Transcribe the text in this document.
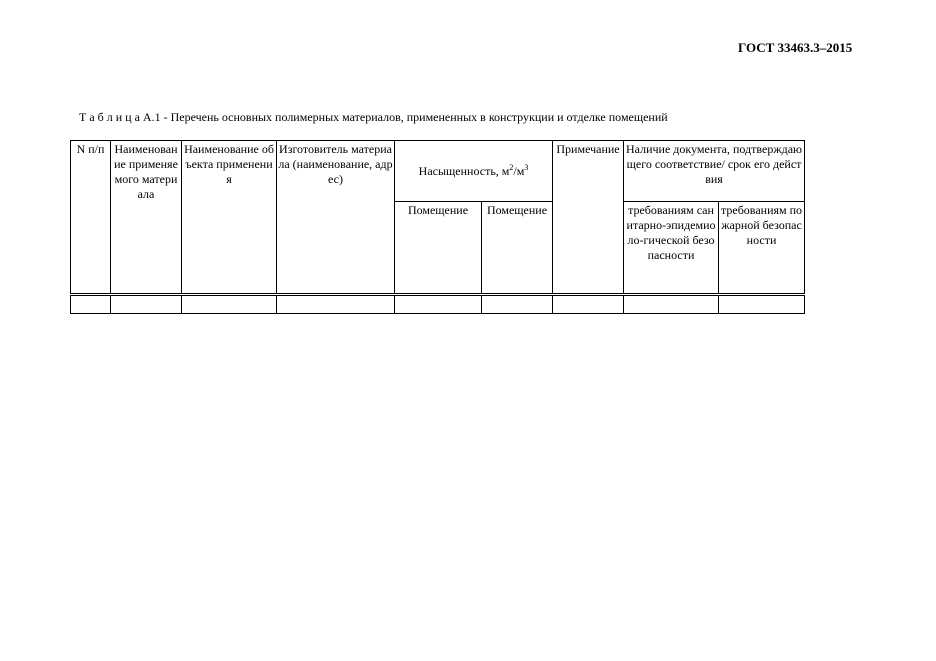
ГОСТ 33463.3–2015
Т а б л и ц а А.1 - Перечень основных полимерных материалов, примененных в конструкции и отделке помещений
N п/п	Наименование применяемого материала	Наименование объекта применения	Изготовитель материала (наименование, адрес)	Насыщенность, $м^2/м^3$		Примечание	Наличие документа, подтверждающего соответствие/ срок его действия	
				Помещение	Помещение		требованиям санитарно-эпидемиоло-гической безопасности	требованиям пожарной безопасности
